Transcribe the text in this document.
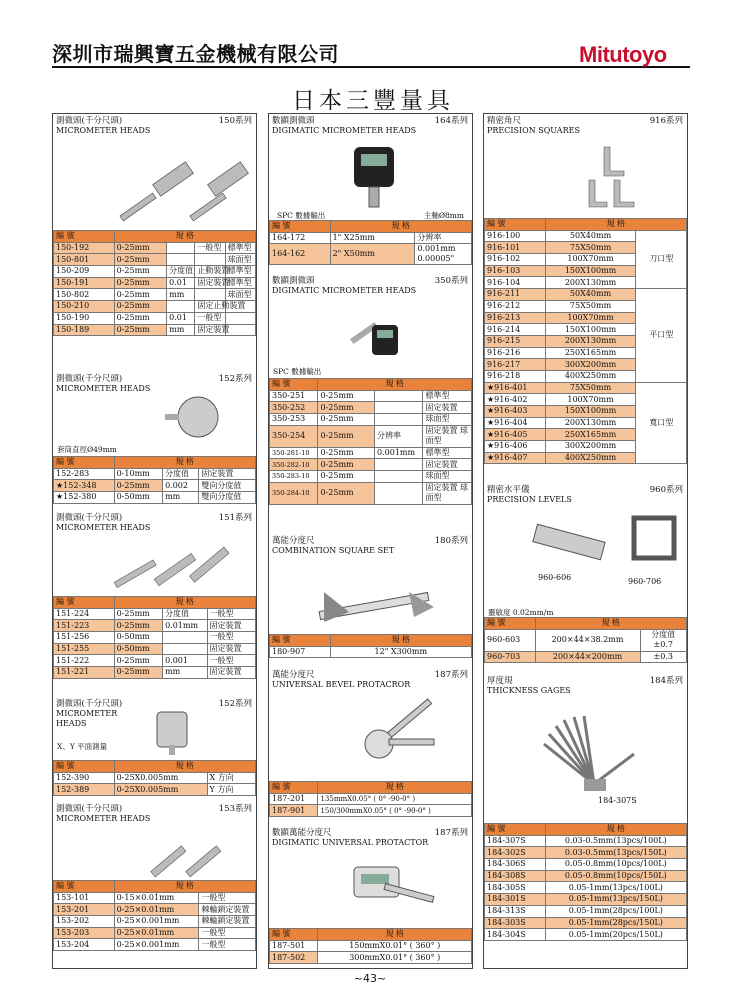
深圳市瑞興寶五金機械有限公司	Mitutoyo
日本三豐量具
測微頭(千分尺頭)
MICROMETER HEADS
150系列
編 號	規 格			
150-192	0-25mm		一般型	標準型
150-801	0-25mm			球面型
150-209	0-25mm	分度值	止動裝置	標準型
150-191	0-25mm	0.01	固定裝置	標準型
150-802	0-25mm	mm		球面型
150-210	0-25mm		固定止動裝置	
150-190	0-25mm	0.01	一般型	
150-189	0-25mm	mm	固定裝置	
測微頭(千分尺頭)
MICROMETER HEADS
152系列
套筒直徑Ø49mm
編 號	規 格		
152-283	0-10mm	分度值	固定裝置
★152-348	0-25mm	0.002	雙向分度值
★152-380	0-50mm	mm	雙向分度值
測微頭(千分尺頭)
MICROMETER HEADS
151系列
編 號	規 格		
151-224	0-25mm	分度值	一般型
151-223	0-25mm	0.01mm	固定裝置
151-256	0-50mm		一般型
151-255	0-50mm		固定裝置
151-222	0-25mm	0.001	一般型
151-221	0-25mm	mm	固定裝置
測微頭(千分尺頭)
MICROMETER HEADS
152系列
X、Y 平面測量
編 號	規 格	
152-390	0-25X0.005mm	X 方向
152-389	0-25X0.005mm	Y 方向
測微頭(千分尺頭)
MICROMETER HEADS
153系列
編 號	規 格	
153-101	0-15×0.01mm	一般型
153-201	0-25×0.01mm	棘輪鎖定裝置
153-202	0-25×0.001mm	棘輪鎖定裝置
153-203	0-25×0.01mm	一般型
153-204	0-25×0.001mm	一般型
數顯測微頭
DIGIMATIC MICROMETER HEADS
164系列
SPC 數據輸出	主軸Ø8mm
編 號	規 格	
164-172	1" X25mm	分辨率
164-162	2" X50mm	0.001mm 0.00005"
數顯測微頭
DIGIMATIC MICROMETER HEADS
350系列
SPC 數據輸出
編 號	規 格		
350-251	0-25mm		標準型
350-252	0-25mm		固定裝置
350-253	0-25mm		球面型
350-254	0-25mm	分辨率	固定裝置 球面型
350-281-10	0-25mm	0.001mm	標準型
350-282-10	0-25mm		固定裝置
350-283-10	0-25mm		球面型
350-284-10	0-25mm		固定裝置 球面型
萬能分度尺
COMBINATION SQUARE SET
180系列
編 號	規 格
180-907	12" X300mm
萬能分度尺
UNIVERSAL BEVEL PROTACROR
187系列
編 號	規 格
187-201	135mmX0.05° ( 0° -90-0° )
187-901	150/300mmX0.05° ( 0° -90-0° )
數顯萬能分度尺
DIGIMATIC UNIVERSAL PROTACTOR
187系列
編 號	規 格
187-501	150mmX0.01° ( 360° )
187-502	300mmX0.01° ( 360° )
精密角尺
PRECISION SQUARES
916系列
編 號	規 格	
916-100	50X40mm	刀口型
916-101	75X50mm	
916-102	100X70mm	
916-103	150X100mm	
916-104	200X130mm	
916-211	50X40mm	平口型
916-212	75X50mm	
916-213	100X70mm	
916-214	150X100mm	
916-215	200X130mm	
916-216	250X165mm	
916-217	300X200mm	
916-218	400X250mm	
★916-401	75X50mm	寬口型
★916-402	100X70mm	
★916-403	150X100mm	
★916-404	200X130mm	
★916-405	250X165mm	
★916-406	300X200mm	
★916-407	400X250mm	
精密水平儀
PRECISION LEVELS
960系列
960-606	960-706
靈敏度 0.02mm/m
編 號	規 格	
960-603	200×44×38.2mm	分度值 ±0.7
960-703	200×44×200mm	±0.3
厚度規
THICKNESS GAGES
184系列
184-307S
編 號	規 格
184-307S	0.03-0.5mm(13pcs/100L)
184-302S	0.03-0.5mm(13pcs/150L)
184-306S	0.05-0.8mm(10pcs/100L)
184-308S	0.05-0.8mm(10pcs/150L)
184-305S	0.05-1mm(13pcs/100L)
184-301S	0.05-1mm(13pcs/150L)
184-313S	0.05-1mm(28pcs/100L)
184-303S	0.05-1mm(28pcs/150L)
184-304S	0.05-1mm(20pcs/150L)
~43~
